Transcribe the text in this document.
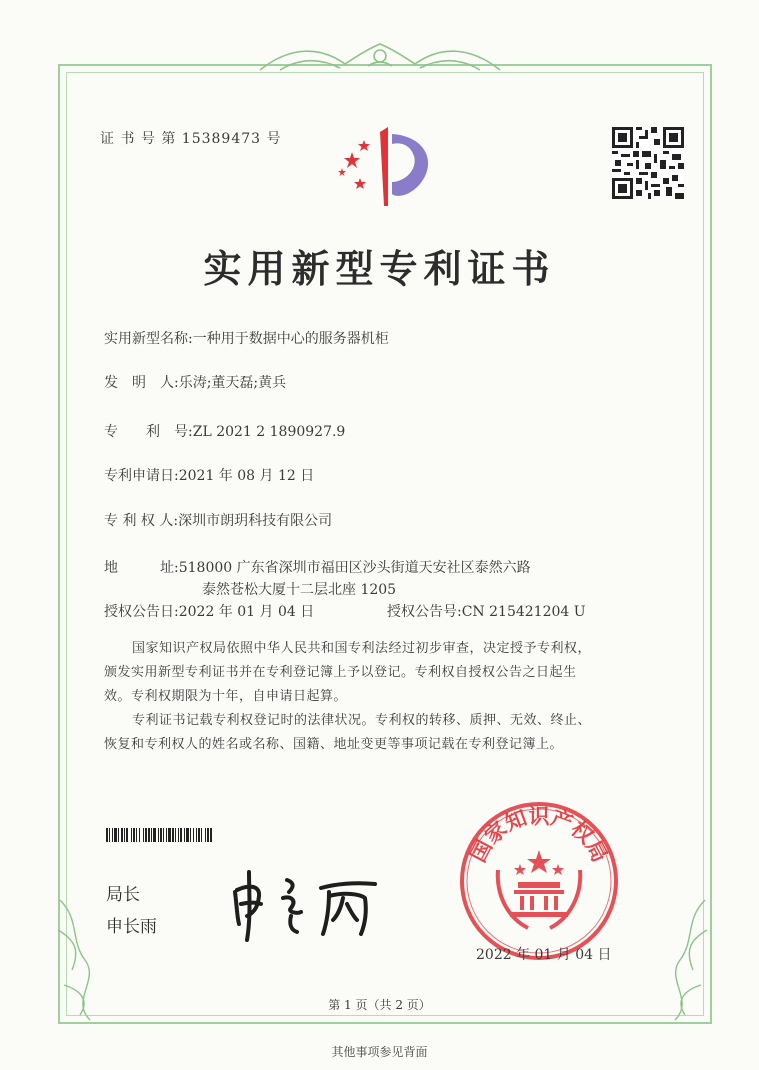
证 书 号 第 15389473 号
实用新型专利证书
实用新型名称:一种用于数据中心的服务器机柜
发　明　人:乐涛;董天磊;黄兵
专　　利　号:ZL 2021 2 1890927.9
专利申请日:2021 年 08 月 12 日
专 利 权 人:深圳市朗玥科技有限公司
地　　　址:518000 广东省深圳市福田区沙头街道天安社区泰然六路
泰然苍松大厦十二层北座 1205
授权公告日:2022 年 01 月 04 日	授权公告号:CN 215421204 U
国家知识产权局依照中华人民共和国专利法经过初步审查，决定授予专利权，颁发实用新型专利证书并在专利登记簿上予以登记。专利权自授权公告之日起生效。专利权期限为十年，自申请日起算。
专利证书记载专利权登记时的法律状况。专利权的转移、质押、无效、终止、恢复和专利权人的姓名或名称、国籍、地址变更等事项记载在专利登记簿上。
局长
申长雨
国家知识产权局
2022 年 01 月 04 日
第 1 页（共 2 页）
其他事项参见背面
